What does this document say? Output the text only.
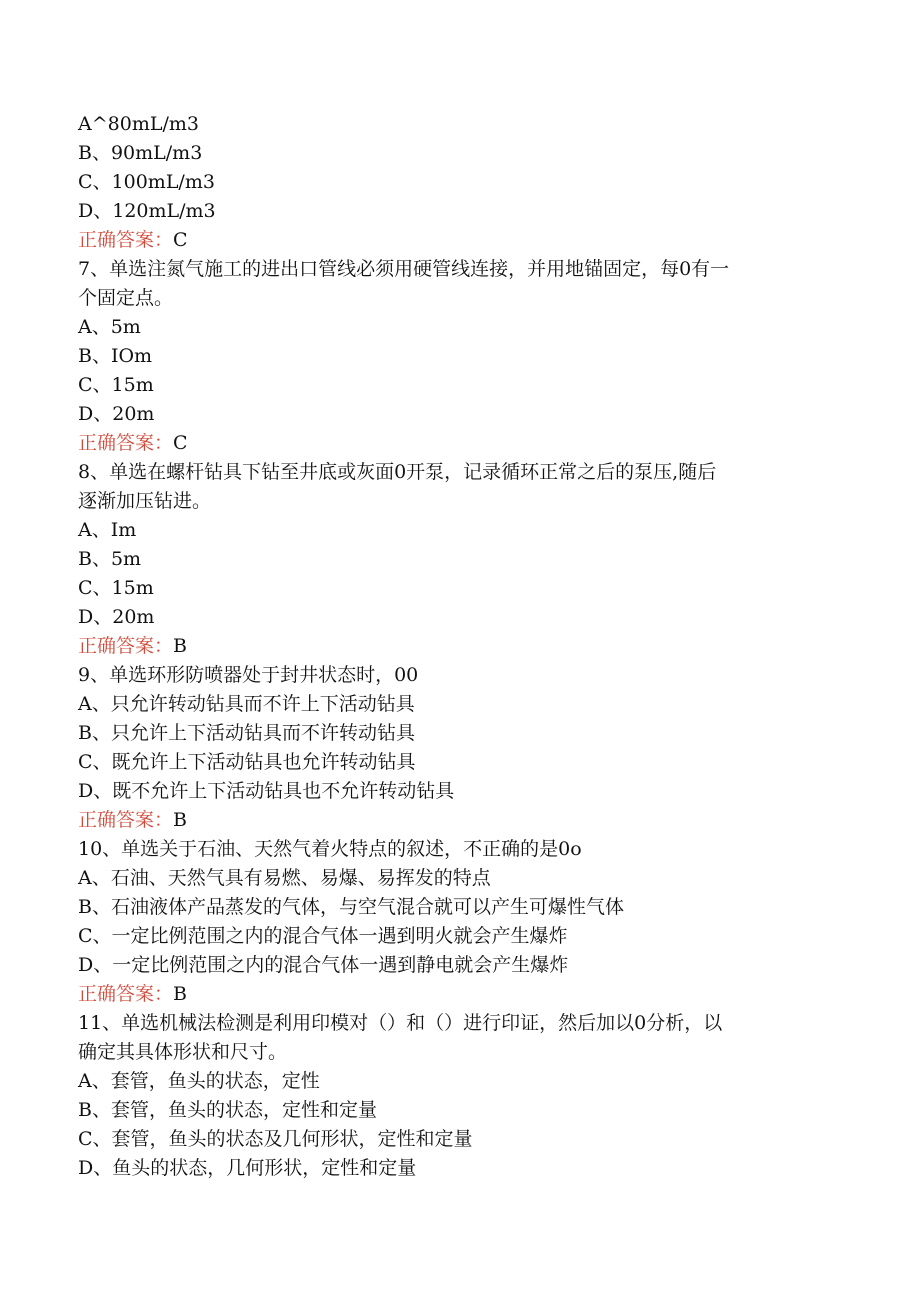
A^80mL/m3
B、90mL/m3
C、100mL/m3
D、120mL/m3
正确答案：C
7、单选注氮气施工的进出口管线必须用硬管线连接，并用地锚固定，每0有一
个固定点。
A、5m
B、IOm
C、15m
D、20m
正确答案：C
8、单选在螺杆钻具下钻至井底或灰面0开泵，记录循环正常之后的泵压,随后
逐渐加压钻进。
A、Im
B、5m
C、15m
D、20m
正确答案：B
9、单选环形防喷器处于封井状态时，00
A、只允许转动钻具而不许上下活动钻具
B、只允许上下活动钻具而不许转动钻具
C、既允许上下活动钻具也允许转动钻具
D、既不允许上下活动钻具也不允许转动钻具
正确答案：B
10、单选关于石油、天然气着火特点的叙述，不正确的是0o
A、石油、天然气具有易燃、易爆、易挥发的特点
B、石油液体产品蒸发的气体，与空气混合就可以产生可爆性气体
C、一定比例范围之内的混合气体一遇到明火就会产生爆炸
D、一定比例范围之内的混合气体一遇到静电就会产生爆炸
正确答案：B
11、单选机械法检测是利用印模对（）和（）进行印证，然后加以0分析，以
确定其具体形状和尺寸。
A、套管，鱼头的状态，定性
B、套管，鱼头的状态，定性和定量
C、套管，鱼头的状态及几何形状，定性和定量
D、鱼头的状态，几何形状，定性和定量
